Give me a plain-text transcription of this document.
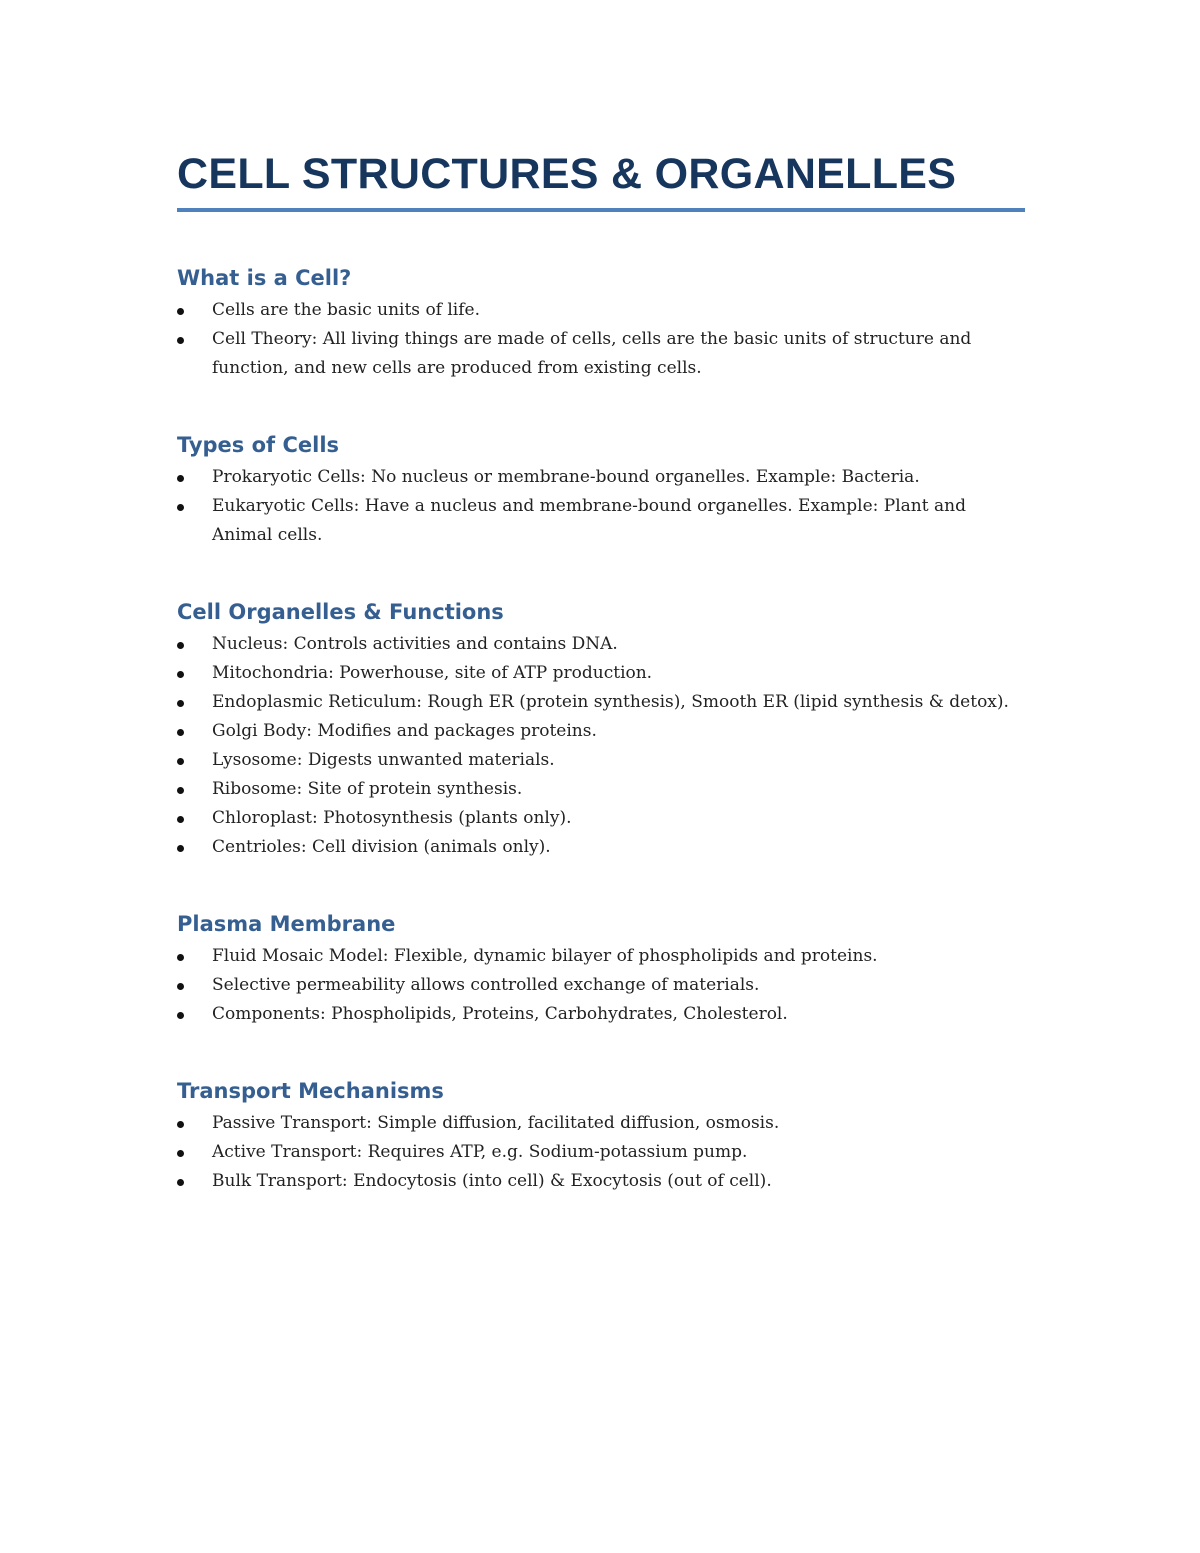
CELL STRUCTURES & ORGANELLES
What is a Cell?
Cells are the basic units of life.
Cell Theory: All living things are made of cells, cells are the basic units of structure and function, and new cells are produced from existing cells.
Types of Cells
Prokaryotic Cells: No nucleus or membrane-bound organelles. Example: Bacteria.
Eukaryotic Cells: Have a nucleus and membrane-bound organelles. Example: Plant and Animal cells.
Cell Organelles & Functions
Nucleus: Controls activities and contains DNA.
Mitochondria: Powerhouse, site of ATP production.
Endoplasmic Reticulum: Rough ER (protein synthesis), Smooth ER (lipid synthesis & detox).
Golgi Body: Modifies and packages proteins.
Lysosome: Digests unwanted materials.
Ribosome: Site of protein synthesis.
Chloroplast: Photosynthesis (plants only).
Centrioles: Cell division (animals only).
Plasma Membrane
Fluid Mosaic Model: Flexible, dynamic bilayer of phospholipids and proteins.
Selective permeability allows controlled exchange of materials.
Components: Phospholipids, Proteins, Carbohydrates, Cholesterol.
Transport Mechanisms
Passive Transport: Simple diffusion, facilitated diffusion, osmosis.
Active Transport: Requires ATP, e.g. Sodium-potassium pump.
Bulk Transport: Endocytosis (into cell) & Exocytosis (out of cell).
